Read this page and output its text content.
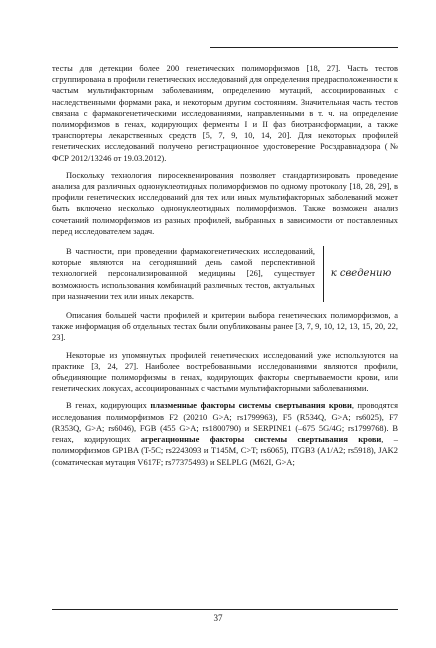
тесты для детекции более 200 генетических полиморфизмов [18, 27]. Часть тестов сгруппирована в профили генетических исследований для определения предрасположенности к частым мультифакторным заболеваниям, определению мутаций, ассоциированных с наследственными формами рака, и некоторым другим состояниям. Значительная часть тестов связана с фармакогенетическими исследованиями, направленными в т. ч. на определение полиморфизмов в генах, кодирующих ферменты I и II фаз биотрансформации, а также транспортеры лекарственных средств [5, 7, 9, 10, 14, 20]. Для некоторых профилей генетических исследований получено регистрационное удостоверение Росздравнадзора (№ ФСР 2012/13246 от 19.03.2012).

Поскольку технология пиросеквенирования позволяет стандартизировать проведение анализа для различных однонуклеотидных полиморфизмов по одному протоколу [18, 28, 29], в профили генетических исследований для тех или иных мультифакторных заболеваний может быть включено несколько однонуклеотидных полиморфизмов. Также возможен анализ сочетаний полиморфизмов из разных профилей, выбранных в зависимости от поставленных перед исследователем задач.

В частности, при проведении фармакогенетических исследований, которые являются на сегодняшний день самой перспективной технологией персонализированной медицины [26], существует возможность использования комбинаций различных тестов, актуальных при назначении тех или иных лекарств.

к сведению

Описания большей части профилей и критерии выбора генетических полиморфизмов, а также информация об отдельных тестах были опубликованы ранее [3, 7, 9, 10, 12, 13, 15, 20, 22, 23].

Некоторые из упомянутых профилей генетических исследований уже используются на практике [3, 24, 27]. Наиболее востребованными исследованиями являются профили, объединяющие полиморфизмы в генах, кодирующих факторы свертываемости крови, или генетических локусах, ассоциированных с частыми мультифакторными заболеваниями.

В генах, кодирующих плазменные факторы системы свертывания крови, проводятся исследования полиморфизмов F2 (20210 G>A; rs1799963), F5 (R534Q, G>A; rs6025), F7 (R353Q, G>A; rs6046), FGB (455 G>A; rs1800790) и SERPINE1 (–675 5G/4G; rs1799768). В генах, кодирующих агрегационные факторы системы свертывания крови, – полиморфизмов GP1BA (T-5C; rs2243093 и T145M, C>T; rs6065), ITGB3 (A1/A2; rs5918), JAK2 (соматическая мутация V617F; rs77375493) и SELPLG (M62I, G>A;

37
